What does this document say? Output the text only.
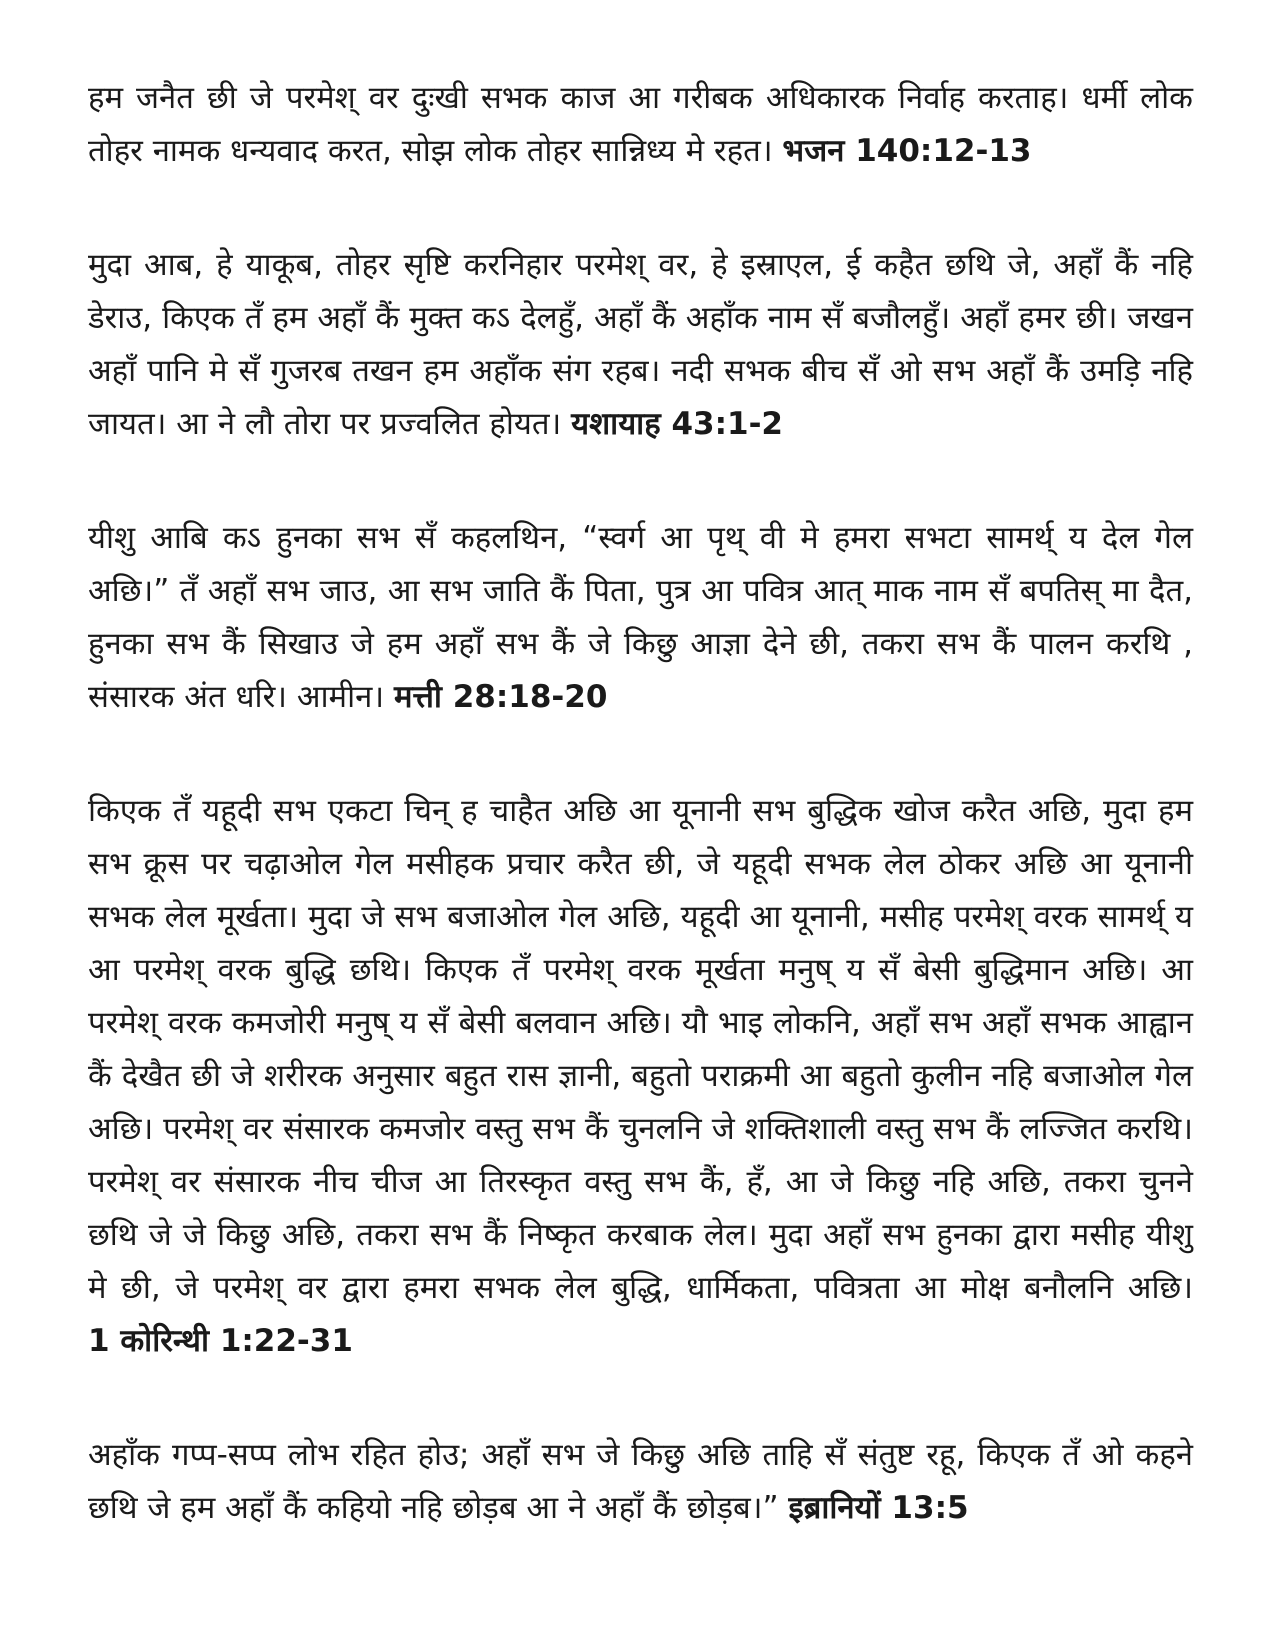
हम जनैत छी जे परमेश् वर दुःखी सभक काज आ गरीबक अधिकारक निर्वाह करताह। धर्मी लोक तोहर नामक धन्यवाद करत, सोझ लोक तोहर सान्निध्य मे रहत। भजन 140:12-13

मुदा आब, हे याकूब, तोहर सृष्टि करनिहार परमेश् वर, हे इस्राएल, ई कहैत छथि जे, अहाँ कैं नहि डेराउ, किएक तँ हम अहाँ कैं मुक्त कऽ देलहुँ, अहाँ कैं अहाँक नाम सँ बजौलहुँ। अहाँ हमर छी। जखन अहाँ पानि मे सँ गुजरब तखन हम अहाँक संग रहब। नदी सभक बीच सँ ओ सभ अहाँ कैं उमड़ि नहि जायत। आ ने लौ तोरा पर प्रज्वलित होयत। यशायाह 43:1-2

यीशु आबि कऽ हुनका सभ सँ कहलथिन, “स्वर्ग आ पृथ् वी मे हमरा सभटा सामर्थ् य देल गेल अछि।” तँ अहाँ सभ जाउ, आ सभ जाति कैं पिता, पुत्र आ पवित्र आत् माक नाम सँ बपतिस् मा दैत, हुनका सभ कैं सिखाउ जे हम अहाँ सभ कैं जे किछु आज्ञा देने छी, तकरा सभ कैं पालन करथि , संसारक अंत धरि। आमीन। मत्ती 28:18-20

किएक तँ यहूदी सभ एकटा चिन् ह चाहैत अछि आ यूनानी सभ बुद्धिक खोज करैत अछि, मुदा हम सभ क्रूस पर चढ़ाओल गेल मसीहक प्रचार करैत छी, जे यहूदी सभक लेल ठोकर अछि आ यूनानी सभक लेल मूर्खता। मुदा जे सभ बजाओल गेल अछि, यहूदी आ यूनानी, मसीह परमेश् वरक सामर्थ् य आ परमेश् वरक बुद्धि छथि। किएक तँ परमेश् वरक मूर्खता मनुष् य सँ बेसी बुद्धिमान अछि। आ परमेश् वरक कमजोरी मनुष् य सँ बेसी बलवान अछि। यौ भाइ लोकनि, अहाँ सभ अहाँ सभक आह्वान कैं देखैत छी जे शरीरक अनुसार बहुत रास ज्ञानी, बहुतो पराक्रमी आ बहुतो कुलीन नहि बजाओल गेल अछि। परमेश् वर संसारक कमजोर वस्तु सभ कैं चुनलनि जे शक्तिशाली वस्तु सभ कैं लज्जित करथि। परमेश् वर संसारक नीच चीज आ तिरस्कृत वस्तु सभ कैं, हँ, आ जे किछु नहि अछि, तकरा चुनने छथि जे जे किछु अछि, तकरा सभ कैं निष्कृत करबाक लेल। मुदा अहाँ सभ हुनका द्वारा मसीह यीशु मे छी, जे परमेश् वर द्वारा हमरा सभक लेल बुद्धि, धार्मिकता, पवित्रता आ मोक्ष बनौलनि अछि। 1 कोरिन्थी 1:22-31

अहाँक गप्प-सप्प लोभ रहित होउ; अहाँ सभ जे किछु अछि ताहि सँ संतुष्ट रहू, किएक तँ ओ कहने छथि जे हम अहाँ कैं कहियो नहि छोड़ब आ ने अहाँ कैं छोड़ब।” इब्रानियों 13:5
